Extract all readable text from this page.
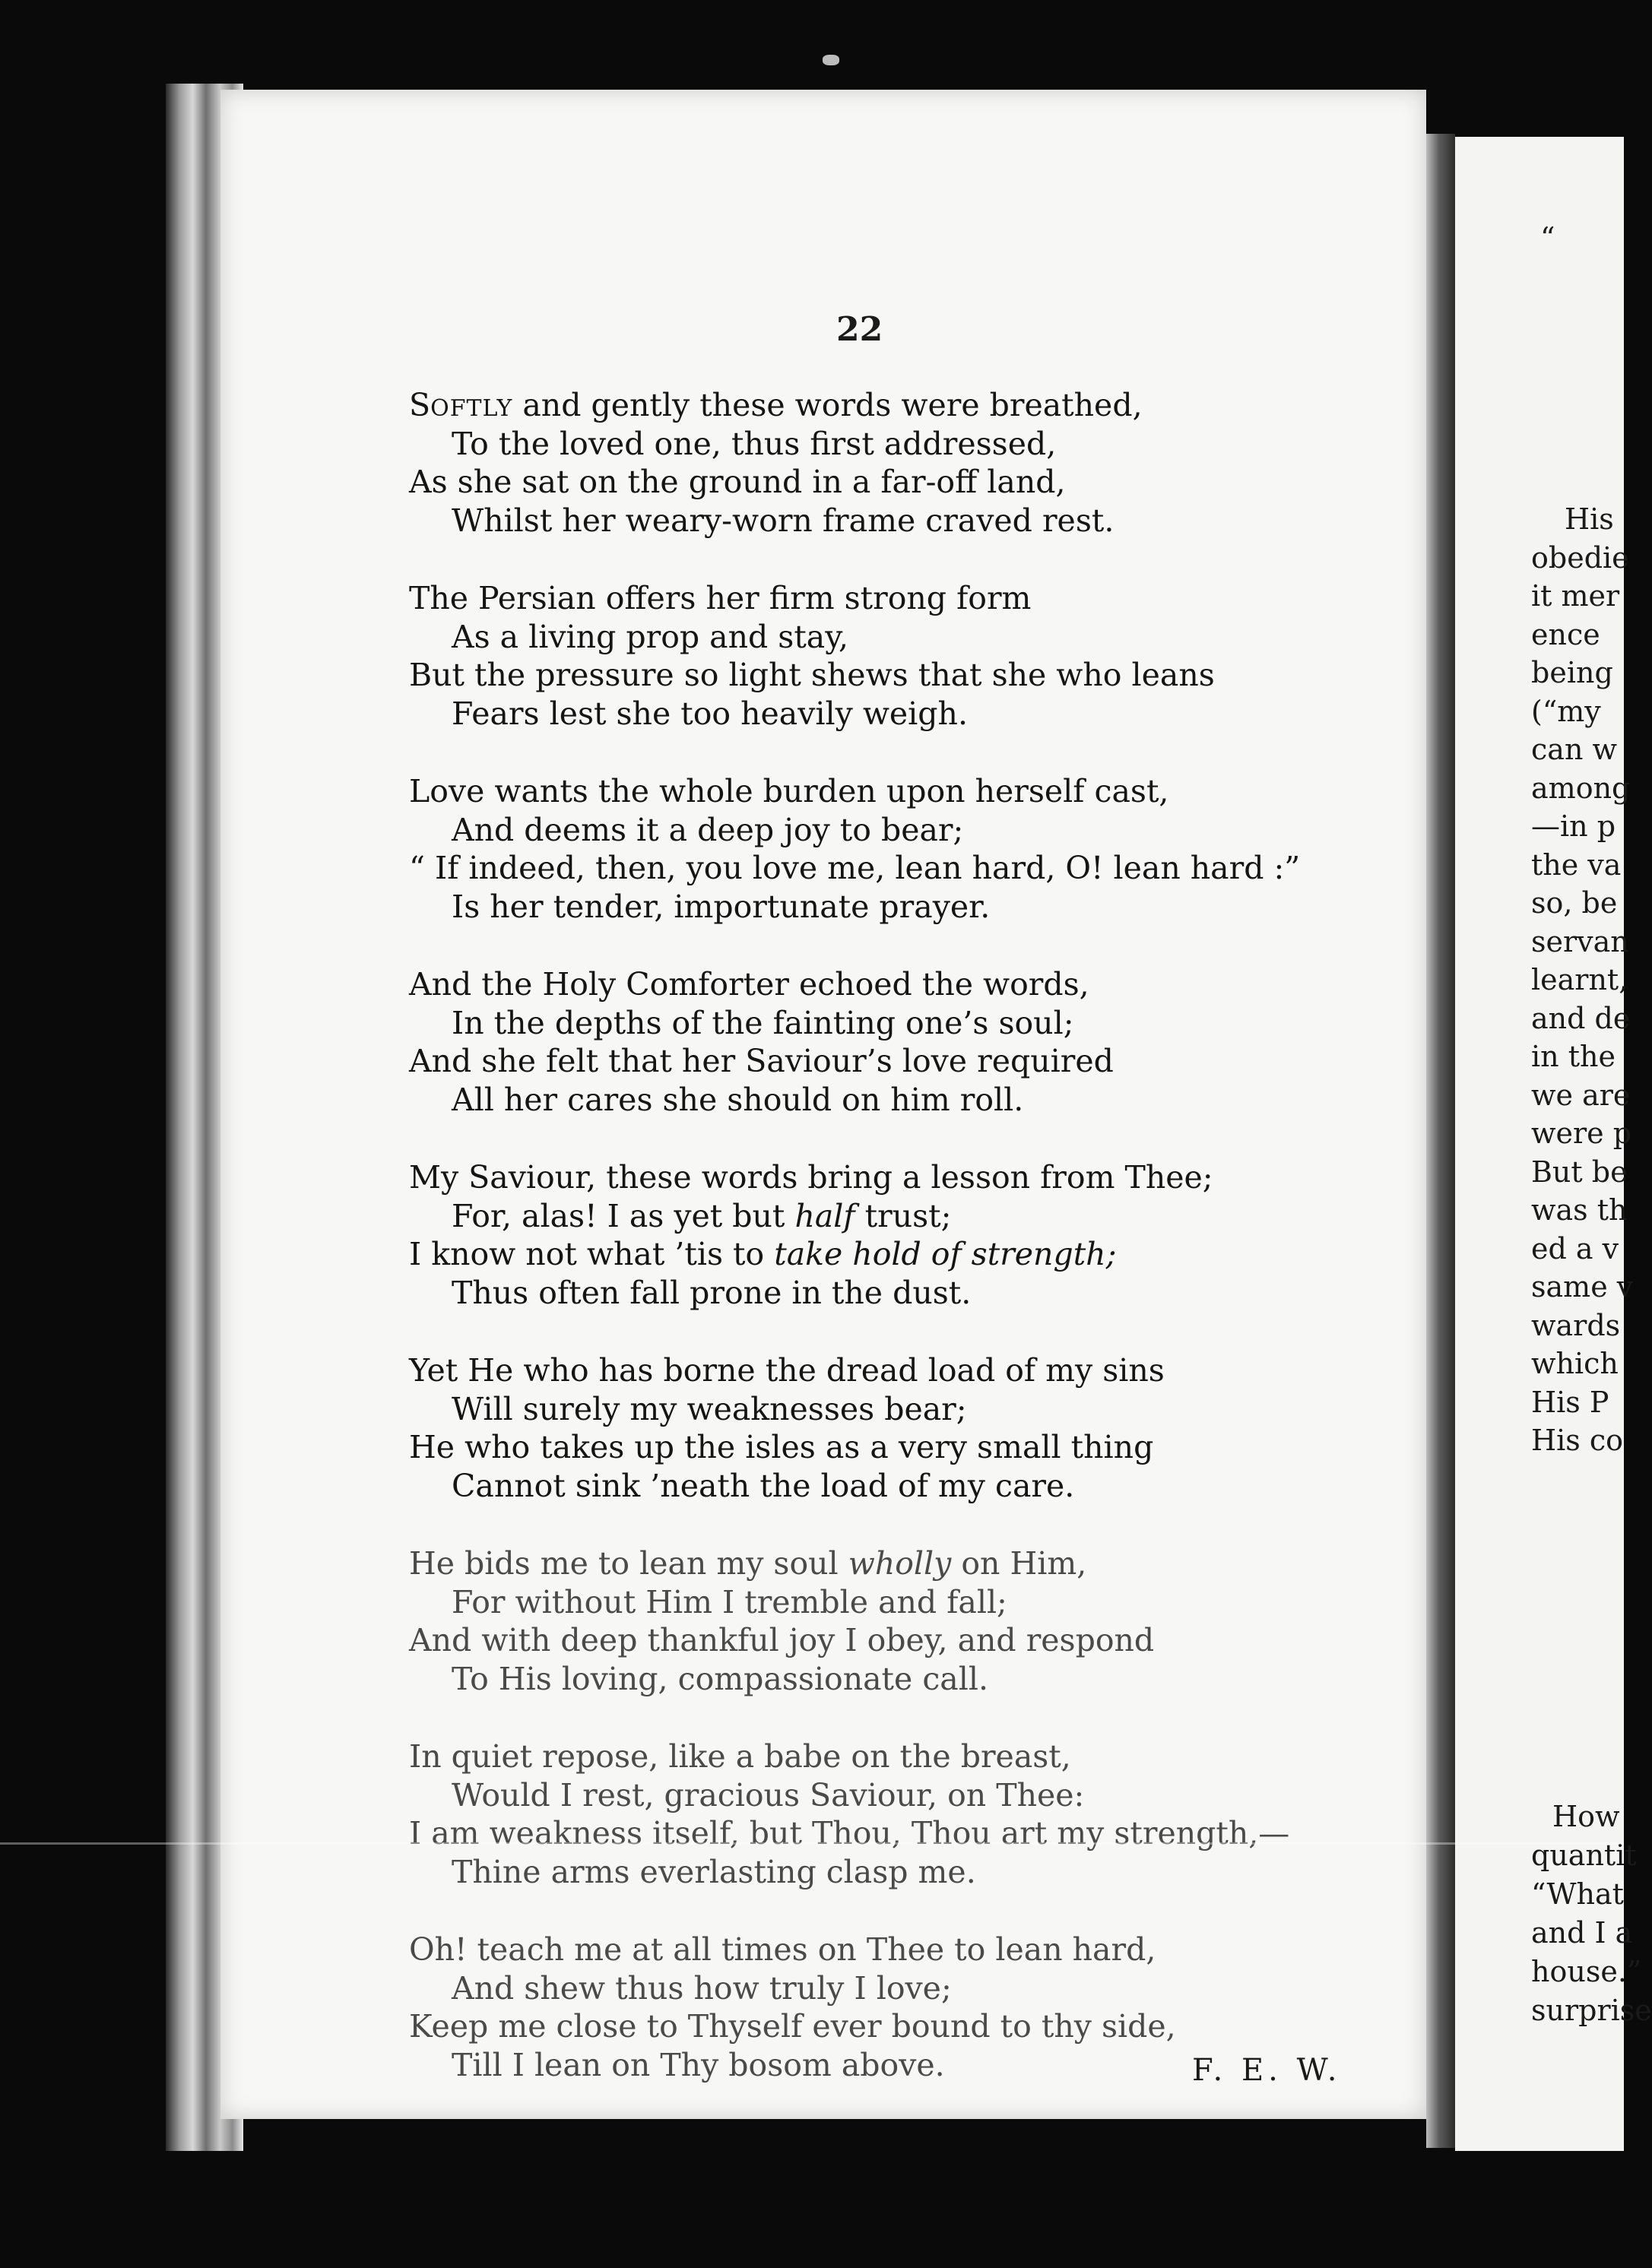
22
SOFTLY and gently these words were breathed,
To the loved one, thus first addressed,
As she sat on the ground in a far-off land,
Whilst her weary-worn frame craved rest.
The Persian offers her firm strong form
As a living prop and stay,
But the pressure so light shews that she who leans
Fears lest she too heavily weigh.
Love wants the whole burden upon herself cast,
And deems it a deep joy to bear;
“ If indeed, then, you love me, lean hard, O! lean hard :”
Is her tender, importunate prayer.
And the Holy Comforter echoed the words,
In the depths of the fainting one’s soul;
And she felt that her Saviour’s love required
All her cares she should on him roll.
My Saviour, these words bring a lesson from Thee;
For, alas! I as yet but half trust;
I know not what ’tis to take hold of strength;
Thus often fall prone in the dust.
Yet He who has borne the dread load of my sins
Will surely my weaknesses bear;
He who takes up the isles as a very small thing
Cannot sink ’neath the load of my care.
He bids me to lean my soul wholly on Him,
For without Him I tremble and fall;
And with deep thankful joy I obey, and respond
To His loving, compassionate call.
In quiet repose, like a babe on the breast,
Would I rest, gracious Saviour, on Thee:
I am weakness itself, but Thou, Thou art my strength,—
Thine arms everlasting clasp me.
Oh! teach me at all times on Thee to lean hard,
And shew thus how truly I love;
Keep me close to Thyself ever bound to thy side,
Till I lean on Thy bosom above.	F. E. W.
“
His
obedie
it mer
ence
being
(“my
can w
among
—in p
the va
so, be
servan
learnt,
and de
in the
we are
were p
But be
was th
ed a v
same v
wards
which
His P
His co
How
quantit
“What
and I a
house.”
surprise
